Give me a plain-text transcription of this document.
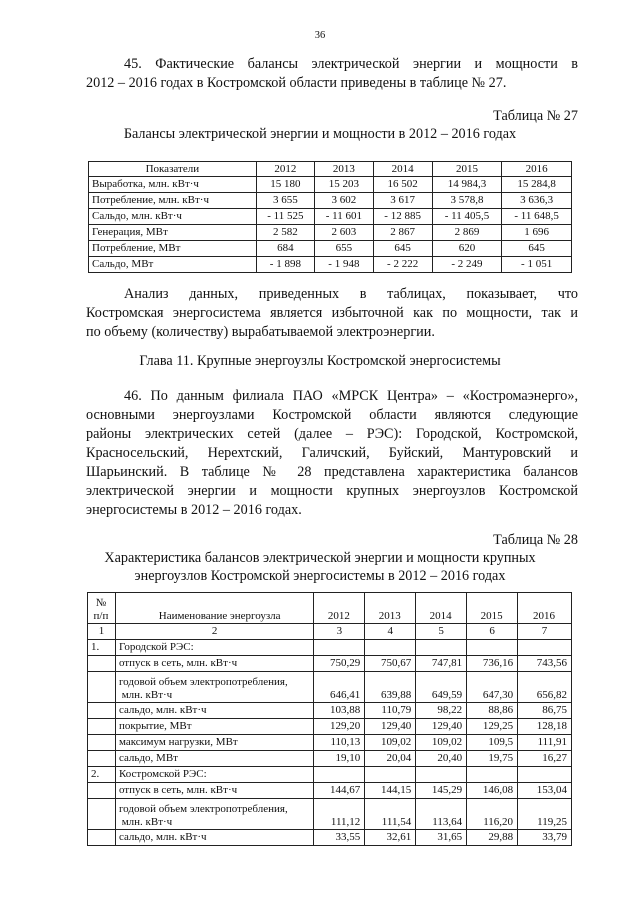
36
45. Фактические балансы электрической энергии и мощности в
2012 – 2016 годах в Костромской области приведены в таблице № 27.
Таблица № 27
Балансы электрической энергии и мощности в 2012 – 2016 годах
Показатели	2012	2013	2014	2015	2016
Выработка, млн. кВт·ч	15 180	15 203	16 502	14 984,3	15 284,8
Потребление, млн. кВт·ч	3 655	3 602	3 617	3 578,8	3 636,3
Сальдо, млн. кВт·ч	- 11 525	- 11 601	- 12 885	- 11 405,5	- 11 648,5
Генерация, МВт	2 582	2 603	2 867	2 869	1 696
Потребление, МВт	684	655	645	620	645
Сальдо, МВт	- 1 898	- 1 948	- 2 222	- 2 249	- 1 051
Анализ данных, приведенных в таблицах, показывает, что
Костромская энергосистема является избыточной как по мощности, так и
по объему (количеству) вырабатываемой электроэнергии.
Глава 11. Крупные энергоузлы Костромской энергосистемы
46. По данным филиала ПАО «МРСК Центра» – «Костромаэнерго»,
основными энергоузлами Костромской области являются следующие
районы электрических сетей (далее – РЭС): Городской, Костромской,
Красносельский, Нерехтский, Галичский, Буйский, Мантуровский и
Шарьинский. В таблице № 28 представлена характеристика балансов
электрической энергии и мощности крупных энергоузлов Костромской
энергосистемы в 2012 – 2016 годах.
Таблица № 28
Характеристика балансов электрической энергии и мощности крупных
энергоузлов Костромской энергосистемы в 2012 – 2016 годах
№
п/п	Наименование энергоузла	2012	2013	2014	2015	2016
1	2	3	4	5	6	7
1.	Городской РЭС:					
	отпуск в сеть, млн. кВт·ч	750,29	750,67	747,81	736,16	743,56
	годовой объем электропотребления,
млн. кВт·ч	646,41	639,88	649,59	647,30	656,82
	сальдо, млн. кВт·ч	103,88	110,79	98,22	88,86	86,75
	покрытие, МВт	129,20	129,40	129,40	129,25	128,18
	максимум нагрузки, МВт	110,13	109,02	109,02	109,5	111,91
	сальдо, МВт	19,10	20,04	20,40	19,75	16,27
2.	Костромской РЭС:					
	отпуск в сеть, млн. кВт·ч	144,67	144,15	145,29	146,08	153,04
	годовой объем электропотребления,
млн. кВт·ч	111,12	111,54	113,64	116,20	119,25
	сальдо, млн. кВт·ч	33,55	32,61	31,65	29,88	33,79
